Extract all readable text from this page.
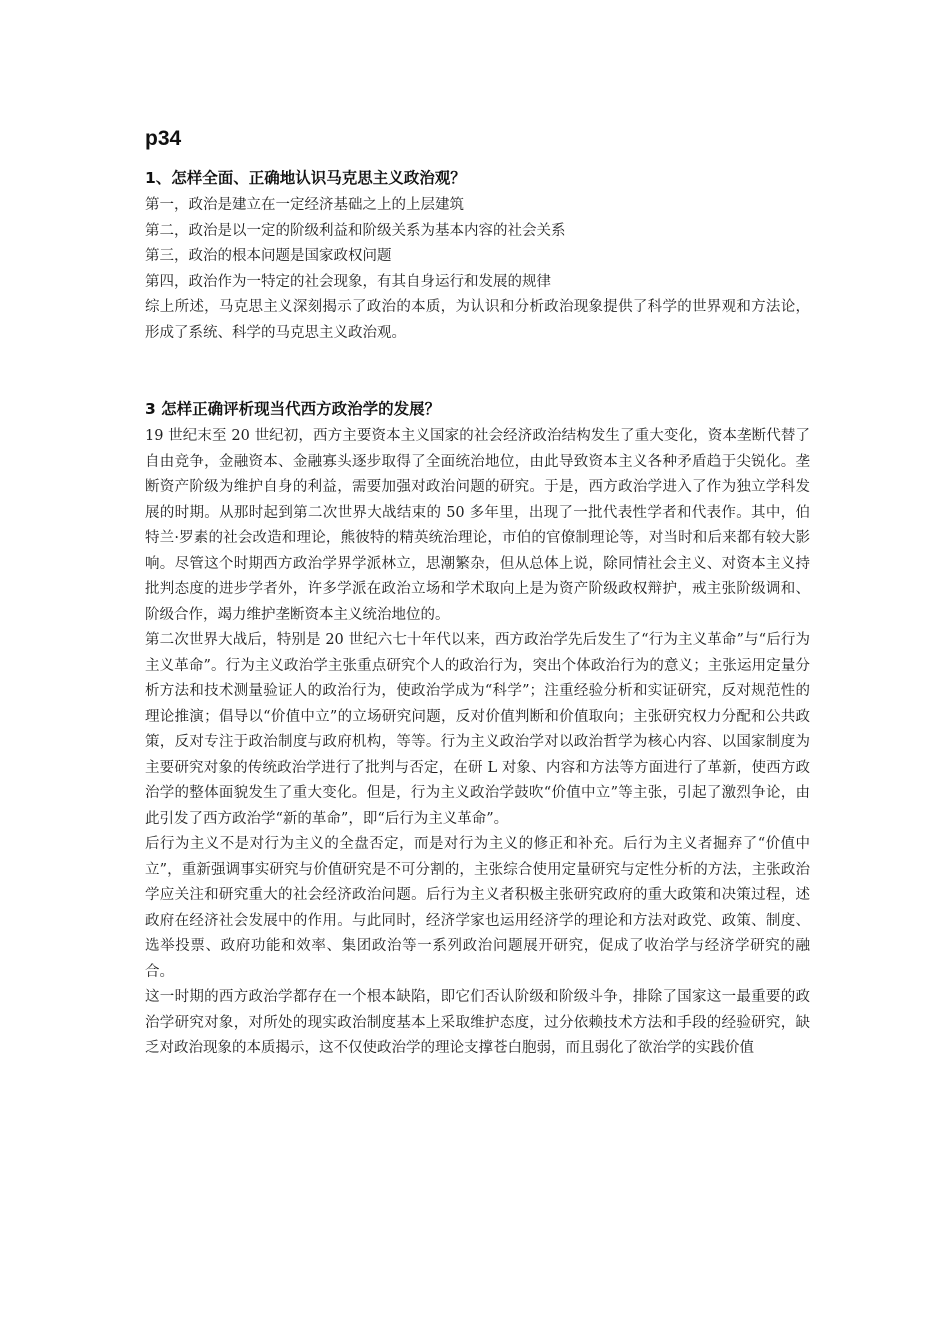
p34
1、怎样全面、正确地认识马克思主义政治观？

第一，政治是建立在一定经济基础之上的上层建筑

第二，政治是以一定的阶级利益和阶级关系为基本内容的社会关系

第三，政治的根本问题是国家政权问题

第四，政治作为一特定的社会现象，有其自身运行和发展的规律

综上所述，马克思主义深刻揭示了政治的本质，为认识和分析政治现象提供了科学的世界观和方法论，形成了系统、科学的马克思主义政治观。

3 怎样正确评析现当代西方政治学的发展？

19 世纪末至 20 世纪初，西方主要资本主义国家的社会经济政治结构发生了重大变化，资本垄断代替了自由竞争，金融资本、金融寡头逐步取得了全面统治地位，由此导致资本主义各种矛盾趋于尖锐化。垄断资产阶级为维护自身的利益，需要加强对政治问题的研究。于是，西方政治学进入了作为独立学科发展的时期。从那时起到第二次世界大战结束的 50 多年里，出现了一批代表性学者和代表作。其中，伯特兰·罗素的社会改造和理论，熊彼特的精英统治理论，市伯的官僚制理论等，对当时和后来都有较大影响。尽管这个时期西方政治学界学派林立，思潮繁杂，但从总体上说，除同情社会主义、对资本主义持批判态度的进步学者外，许多学派在政治立场和学术取向上是为资产阶级政权辩护，戒主张阶级调和、阶级合作，竭力维护垄断资本主义统治地位的。

第二次世界大战后，特别是 20 世纪六七十年代以来，西方政治学先后发生了“行为主义革命”与“后行为主义革命”。行为主义政治学主张重点研究个人的政治行为，突出个体政治行为的意义；主张运用定量分析方法和技术测量验证人的政治行为，使政治学成为“科学”；注重经验分析和实证研究，反对规范性的理论推演；倡导以“价值中立”的立场研究问题，反对价值判断和价值取向；主张研究权力分配和公共政策，反对专注于政治制度与政府机构，等等。行为主义政治学对以政治哲学为核心内容、以国家制度为主要研究对象的传统政治学进行了批判与否定，在研 L 对象、内容和方法等方面进行了革新，使西方政治学的整体面貌发生了重大变化。但是，行为主义政治学鼓吹“价值中立”等主张，引起了激烈争论，由此引发了西方政治学“新的革命”，即“后行为主义革命”。

后行为主义不是对行为主义的全盘否定，而是对行为主义的修正和补充。后行为主义者掘弃了“价值中立”，重新强调事实研究与价值研究是不可分割的，主张综合使用定量研究与定性分析的方法，主张政治学应关注和研究重大的社会经济政治问题。后行为主义者积极主张研究政府的重大政策和决策过程，述政府在经济社会发展中的作用。与此同时，经济学家也运用经济学的理论和方法对政党、政策、制度、选举投票、政府功能和效率、集团政治等一系列政治问题展开研究，促成了收治学与经济学研究的融合。

这一时期的西方政治学都存在一个根本缺陷，即它们否认阶级和阶级斗争，排除了国家这一最重要的政治学研究对象，对所处的现实政治制度基本上采取维护态度，过分依赖技术方法和手段的经验研究，缺乏对政治现象的本质揭示，这不仅使政治学的理论支撑苍白胞弱，而且弱化了欲治学的实践价值
